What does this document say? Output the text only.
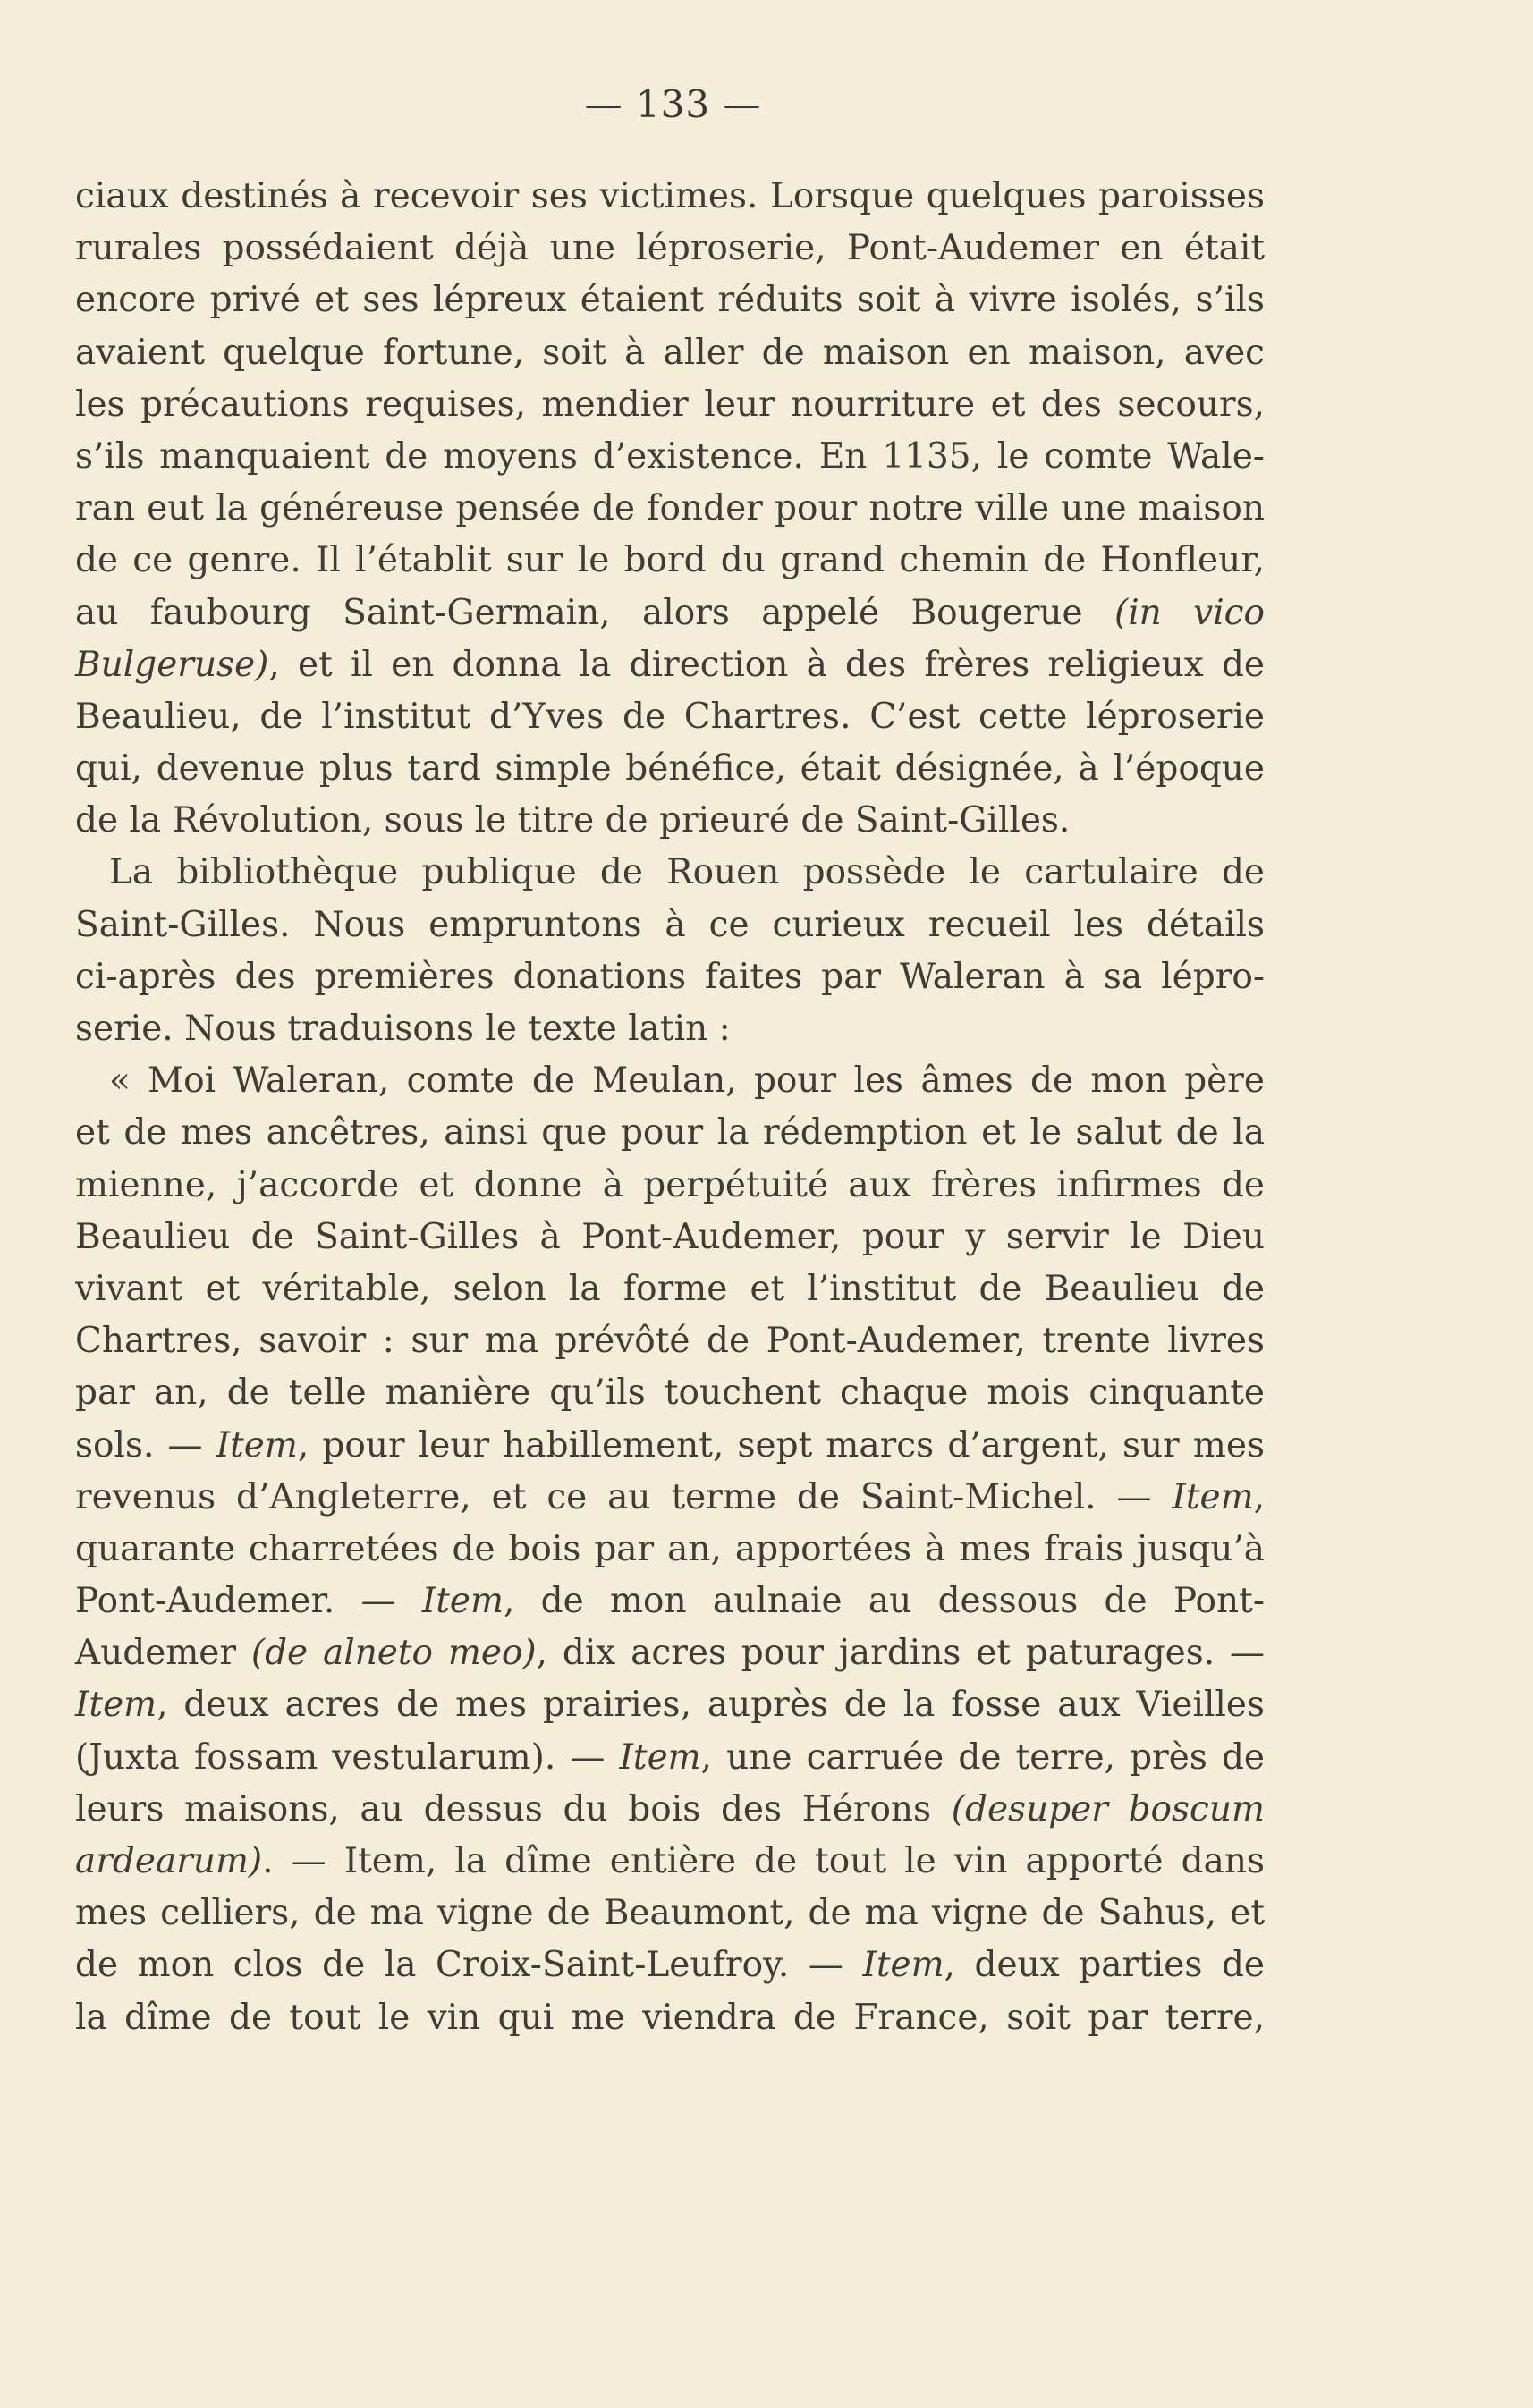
— 133 —
ciaux destinés à recevoir ses victimes. Lorsque quelques paroisses
rurales possédaient déjà une léproserie, Pont-Audemer en était
encore privé et ses lépreux étaient réduits soit à vivre isolés, s’ils
avaient quelque fortune, soit à aller de maison en maison, avec
les précautions requises, mendier leur nourriture et des secours,
s’ils manquaient de moyens d’existence. En 1135, le comte Wale-
ran eut la généreuse pensée de fonder pour notre ville une maison
de ce genre. Il l’établit sur le bord du grand chemin de Honfleur,
au faubourg Saint-Germain, alors appelé Bougerue (in vico
Bulgeruse), et il en donna la direction à des frères religieux de
Beaulieu, de l’institut d’Yves de Chartres. C’est cette léproserie
qui, devenue plus tard simple bénéfice, était désignée, à l’époque
de la Révolution, sous le titre de prieuré de Saint-Gilles.
La bibliothèque publique de Rouen possède le cartulaire de
Saint-Gilles. Nous empruntons à ce curieux recueil les détails
ci-après des premières donations faites par Waleran à sa lépro-
serie. Nous traduisons le texte latin :
« Moi Waleran, comte de Meulan, pour les âmes de mon père
et de mes ancêtres, ainsi que pour la rédemption et le salut de la
mienne, j’accorde et donne à perpétuité aux frères infirmes de
Beaulieu de Saint-Gilles à Pont-Audemer, pour y servir le Dieu
vivant et véritable, selon la forme et l’institut de Beaulieu de
Chartres, savoir : sur ma prévôté de Pont-Audemer, trente livres
par an, de telle manière qu’ils touchent chaque mois cinquante
sols. — Item, pour leur habillement, sept marcs d’argent, sur mes
revenus d’Angleterre, et ce au terme de Saint-Michel. — Item,
quarante charretées de bois par an, apportées à mes frais jusqu’à
Pont-Audemer. — Item, de mon aulnaie au dessous de Pont-
Audemer (de alneto meo), dix acres pour jardins et paturages. —
Item, deux acres de mes prairies, auprès de la fosse aux Vieilles
(Juxta fossam vestularum). — Item, une carruée de terre, près de
leurs maisons, au dessus du bois des Hérons (desuper boscum
ardearum). — Item, la dîme entière de tout le vin apporté dans
mes celliers, de ma vigne de Beaumont, de ma vigne de Sahus, et
de mon clos de la Croix-Saint-Leufroy. — Item, deux parties de
la dîme de tout le vin qui me viendra de France, soit par terre,
